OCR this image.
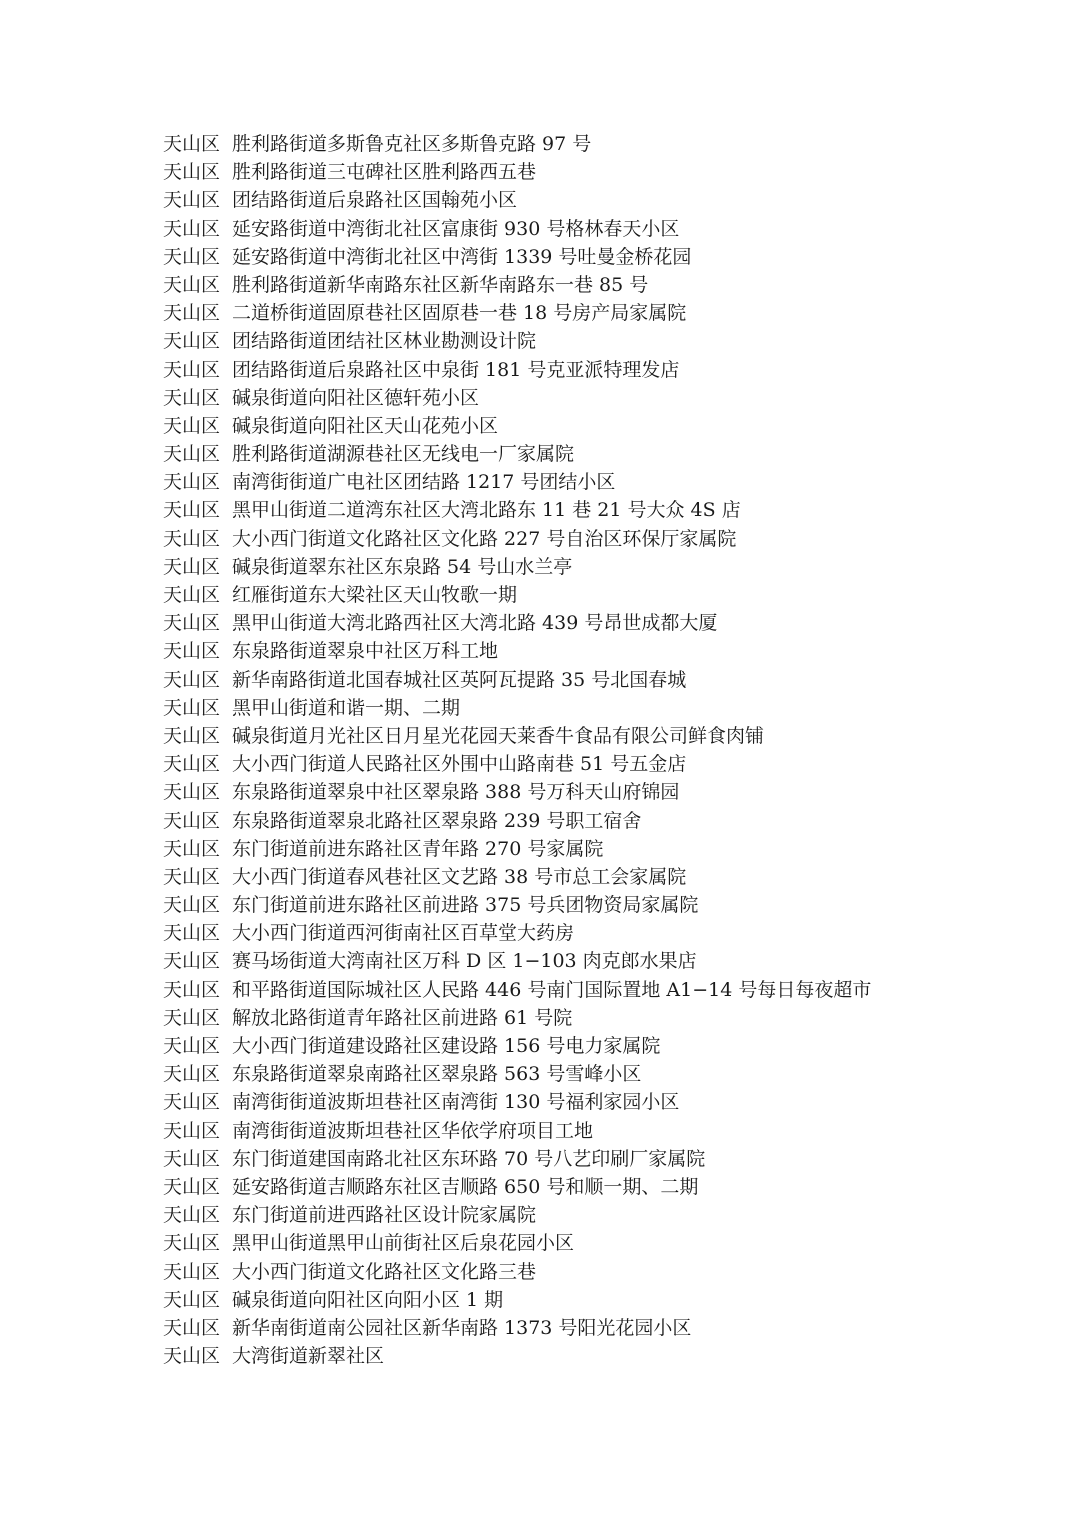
天山区 胜利路街道多斯鲁克社区多斯鲁克路 97 号
天山区 胜利路街道三屯碑社区胜利路西五巷
天山区 团结路街道后泉路社区国翰苑小区
天山区 延安路街道中湾街北社区富康街 930 号格林春天小区
天山区 延安路街道中湾街北社区中湾街 1339 号吐曼金桥花园
天山区 胜利路街道新华南路东社区新华南路东一巷 85 号
天山区 二道桥街道固原巷社区固原巷一巷 18 号房产局家属院
天山区 团结路街道团结社区林业勘测设计院
天山区 团结路街道后泉路社区中泉街 181 号克亚派特理发店
天山区 碱泉街道向阳社区德轩苑小区
天山区 碱泉街道向阳社区天山花苑小区
天山区 胜利路街道湖源巷社区无线电一厂家属院
天山区 南湾街街道广电社区团结路 1217 号团结小区
天山区 黑甲山街道二道湾东社区大湾北路东 11 巷 21 号大众 4S 店
天山区 大小西门街道文化路社区文化路 227 号自治区环保厅家属院
天山区 碱泉街道翠东社区东泉路 54 号山水兰亭
天山区 红雁街道东大梁社区天山牧歌一期
天山区 黑甲山街道大湾北路西社区大湾北路 439 号昂世成都大厦
天山区 东泉路街道翠泉中社区万科工地
天山区 新华南路街道北国春城社区英阿瓦提路 35 号北国春城
天山区 黑甲山街道和谐一期、二期
天山区 碱泉街道月光社区日月星光花园天莱香牛食品有限公司鲜食肉铺
天山区 大小西门街道人民路社区外围中山路南巷 51 号五金店
天山区 东泉路街道翠泉中社区翠泉路 388 号万科天山府锦园
天山区 东泉路街道翠泉北路社区翠泉路 239 号职工宿舍
天山区 东门街道前进东路社区青年路 270 号家属院
天山区 大小西门街道春风巷社区文艺路 38 号市总工会家属院
天山区 东门街道前进东路社区前进路 375 号兵团物资局家属院
天山区 大小西门街道西河街南社区百草堂大药房
天山区 赛马场街道大湾南社区万科 D 区 1−103 肉克郎水果店
天山区 和平路街道国际城社区人民路 446 号南门国际置地 A1−14 号每日每夜超市
天山区 解放北路街道青年路社区前进路 61 号院
天山区 大小西门街道建设路社区建设路 156 号电力家属院
天山区 东泉路街道翠泉南路社区翠泉路 563 号雪峰小区
天山区 南湾街街道波斯坦巷社区南湾街 130 号福利家园小区
天山区 南湾街街道波斯坦巷社区华依学府项目工地
天山区 东门街道建国南路北社区东环路 70 号八艺印刷厂家属院
天山区 延安路街道吉顺路东社区吉顺路 650 号和顺一期、二期
天山区 东门街道前进西路社区设计院家属院
天山区 黑甲山街道黑甲山前街社区后泉花园小区
天山区 大小西门街道文化路社区文化路三巷
天山区 碱泉街道向阳社区向阳小区 1 期
天山区 新华南街道南公园社区新华南路 1373 号阳光花园小区
天山区 大湾街道新翠社区
